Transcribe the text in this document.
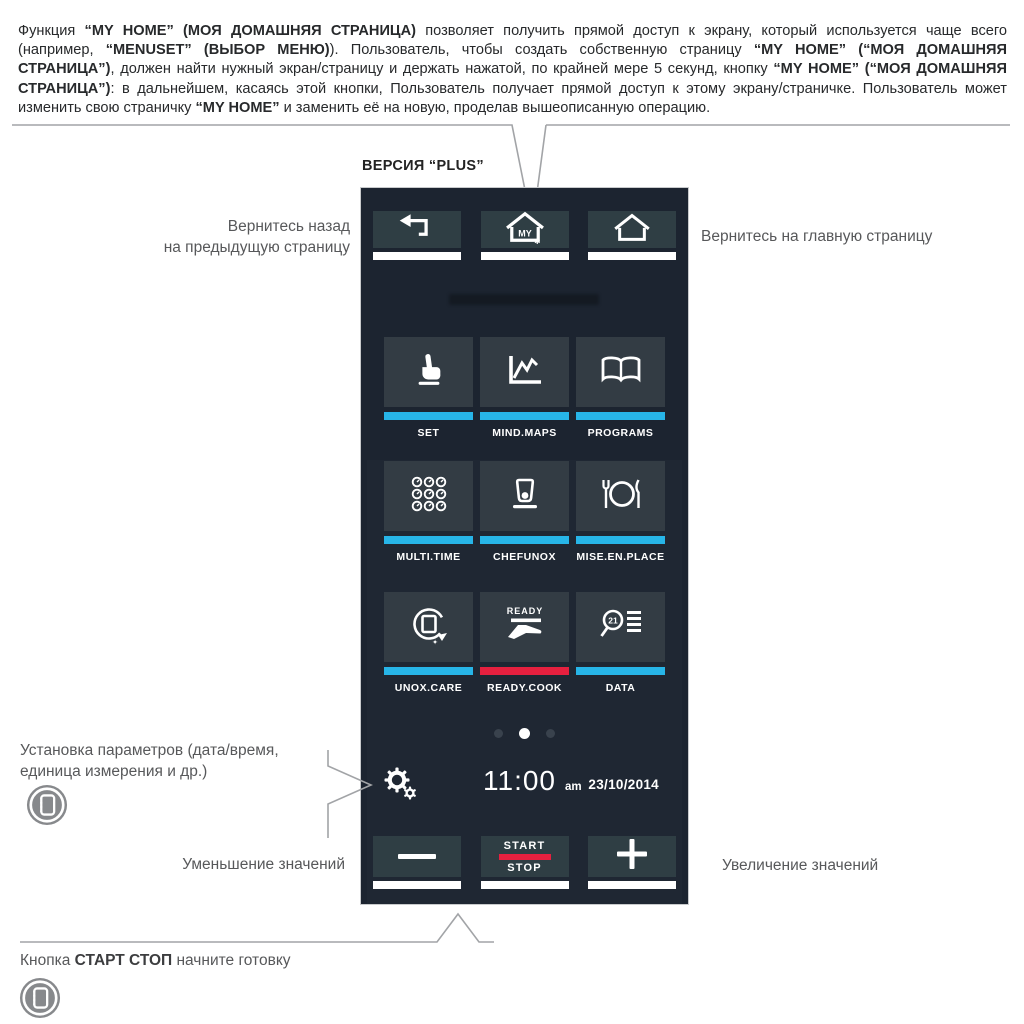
Функция “MY HOME” (МОЯ ДОМАШНЯЯ СТРАНИЦА) позволяет получить прямой доступ к экрану, который используется чаще всего (например, “MENUSET” (ВЫБОР МЕНЮ)). Пользователь, чтобы создать собственную страницу “MY HOME” (“МОЯ ДОМАШНЯЯ СТРАНИЦА”), должен найти нужный экран/страницу и держать нажатой, по крайней мере 5 секунд, кнопку “MY HOME” (“МОЯ ДОМАШНЯЯ СТРАНИЦА”): в дальнейшем, касаясь этой кнопки, Пользователь получает прямой доступ к этому экрану/страничке. Пользователь может изменить свою страничку “MY HOME” и заменить её на новую, проделав вышеописанную операцию.

ВЕРСИЯ “PLUS”
MY
✱
SET	MIND.MAPS	PROGRAMS
MULTI.TIME	CHEFUNOX	MISE.EN.PLACE
✦
UNOX.CARE
READY
READY.COOK
21
DATA
11:00 am 23/10/2014
START
STOP
Вернитесь назад
на предыдущую страницу
Вернитесь на главную страницу
Установка параметров (дата/время,
единица измерения и др.)
Уменьшение значений	Увеличение значений
Кнопка СТАРТ СТОП начните готовку
